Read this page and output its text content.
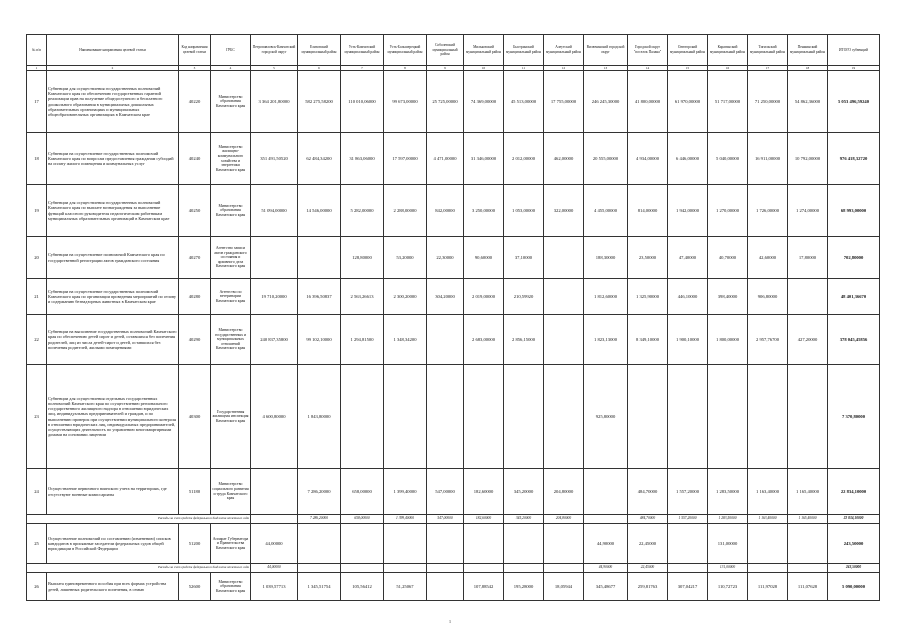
№ п/п	Наименование направления целевой статьи	Код направления целевой статьи	ГРБС	Петропавловск-Камчатский городской округ	Елизовский муниципальный район	Усть-Камчатский муниципальный район	Усть-Большерецкий муниципальный район	Соболевский муниципальный район	Мильковский муниципальный район	Быстринский муниципальный район	Алеутский муниципальный район	Вилючинский городской округ	Городской округ "поселок Палана"	Олюторский муниципальный район	Карагинский муниципальный район	Тигильский муниципальный район	Пенжинский муниципальный район	ИТОГО субвенций
1	2	3	4	5	6	7	8	9	10	11	12	13	14	15	16	17	18	19
17	Субвенции для осуществления государственных полномочий Камчатского края по обеспечению государственных гарантий реализации прав на получение общедоступного и бесплатного дошкольного образования в муниципальных дошкольных образовательных организациях и муниципальных общеобразовательных организациях в Камчатском крае	40220	Министерство образования Камчатского края	3 364 201,80000	582 275,58200	110 010,06000	99 673,00000	25 725,00000	74 369,00000	45 513,00000	17 755,00000	246 245,30000	41 800,00000	61 970,00000	51 717,00000	71 250,00000	54 862,36000	5 053 496,59240
18	Субвенции на осуществление государственных полномочий Камчатского края по вопросам предоставления гражданам субсидий на оплату жилого помещения и коммунальных услуг	40240	Министерство жилищно-коммунального хозяйства и энергетики Камчатского края	351 491,50520	62 484,34200	31 863,06000	17 597,00000	4 471,00000	31 346,00000	2 012,00000	462,00000	20 555,00000	4 934,00000	6 446,00000	5 040,00000	16 911,00000	10 792,00000	976 418,32720
19	Субвенции для осуществления государственных полномочий Камчатского края по выплате вознаграждения за выполнение функций классного руководителя педагогическим работникам муниципальных образовательных организаций в Камчатском крае	40250	Министерство образования Камчатского края	51 094,00000	14 546,00000	5 282,00000	2 288,00000	842,00000	3 250,00000	1 053,00000	322,00000	4 455,00000	814,00000	1 942,00000	1 270,00000	1 726,00000	1 274,00000	68 993,00000
20	Субвенции на осуществление полномочий Камчатского края по государственной регистрации актов гражданского состояния	40270	Агентство записи актов гражданского состояния и архивного дела Камчатского края			128,80000	53,20000	22,30000	90,60000	37,10000		188,30000	23,50000	47,40000	40,70000	42,60000	17,80000	702,80000
21	Субвенции на осуществление государственных полномочий Камчатского края по организации проведения мероприятий по отлову и содержанию безнадзорных животных в Камчатском крае	40280	Агентство по ветеринарии Камчатского края	19 710,20000	16 396,50837	2 563,26613	2 300,20000	304,20000	2 019,00000	210,59920		1 812,60000	1 325,90000	446,10000	398,40000	906,80000		48 401,36670
22	Субвенции на выполнение государственных полномочий Камчатского края по обеспечению детей сирот и детей, оставшихся без попечения родителей, лиц из числа детей-сирот и детей, оставшихся без попечения родителей, жилыми помещениями	40290	Министерство государственных и муниципальных отношений Камчатского края	240 837,35800	99 102,10000	1 294,81500	1 348,34200		2 683,00000	2 856,15000		1 823,13000	8 349,10000	1 900,10000	1 800,00000	2 957,76700	427,20000	378 045,45856
23	Субвенции для осуществления отдельных государственных полномочий Камчатского края по осуществлению регионального государственного жилищного надзора в отношении юридических лиц, индивидуальных предпринимателей и граждан, и по выполнению проверок при осуществлении муниципального контроля в отношении юридических лиц, индивидуальных предпринимателей, осуществляющих деятельность по управлению многоквартирными домами на основании лицензии	40300	Государственная жилищная инспекция Камчатского края	4 600,80000	1 843,80000							925,80000						7 370,80000
24	Осуществление первичного воинского учета на территориях, где отсутствуют военные комиссариаты	51180	Министерство социального развития и труда Камчатского края		7 286,20000	658,00000	1 399,40000	547,00000	182,60000	345,20000	204,80000		484,70000	1 557,20000	1 283,50000	1 163,40000	1 165,40000	22 834,10000
Расходы за счет средств федерального бюджета отчетного года					7 286,20000	658,00000	1 399,40000	547,00000	182,60000	345,20000	204,80000		484,70000	1 557,20000	1 283,50000	1 163,40000	1 165,40000	22 834,10000
25	Осуществление полномочий по составлению (изменению) списков кандидатов в присяжные заседатели федеральных судов общей юрисдикции в Российской Федерации	51200	Аппарат Губернатора и Правительства Камчатского края	44,00000								44,90000	22,45000		131,00000			243,50000
Расходы за счет средств федерального бюджета отчетного года				44,00000								44,90000	22,45000		131,00000			243,50000
26	Выплата единовременного пособия при всех формах устройства детей, лишенных родительского попечения, в семью	52600	Министерство образования Камчатского края	1 039,57713	1 345,51754	105,56412	51,25067		107,88542	195,28000	18,05944	345,48677	259,81763	307,04217	110,72723	111,97028	111,07628	5 090,00000
1
